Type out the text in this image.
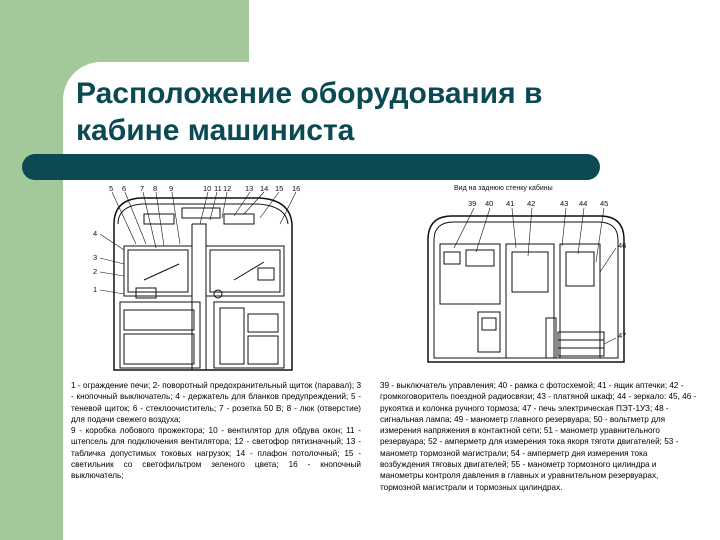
Расположение оборудования в
кабине машиниста
5 6 7 8 9	10 11 12 13 14 15 16
4
3
2
1
Вид на заднюю стенку кабины
39 40 41 42	43 44 45
46
47

1 - ограждение печи; 2- поворотный предохранительный щиток (паравал); 3 - кнопочный выключатель; 4 - держатель для бланков предупреждений; 5 - теневой щиток; 6 - стеклоочиститель; 7 - розетка 50 В; 8 - люк (отверстие) для подачи свежего воздуха;

9 - коробка лобового прожектора; 10 - вентилятор для обдува окон; 11 - штепсель для подключения вентилятора; 12 - светофор пятизначный; 13 - табличка допустимых токовых нагрузок; 14 - плафон потолочный; 15 - светильник со светофильтром зеленого цвета; 16 - кнопочный выключатель;

39 - выключатель управления; 40 - рамка с фотосхемой; 41 - ящик аптечки; 42 - громкоговоритель поездной радиосвязи; 43 - платяной шкаф; 44 - зеркало: 45, 46 - рукоятка и колонка ручного тормоза; 47 - печь электрическая ПЭТ-1УЗ; 48 - сигнальная лампа; 49 - манометр главного резервуара; 50 - вольтметр для измерения напряжения в контактной сети; 51 - манометр уравнительного резервуара; 52 - амперметр для измерения тока якоря тяготи двигателей; 53 - манометр тормозной магистрали; 54 - амперметр дня измерения тока возбуждения тяговых двигателей; 55 - манометр тормозного цилиндра и манометры контроля давления в главных и уравнительном резервуарах, тормозной магистрали и тормозных цилиндрах.
